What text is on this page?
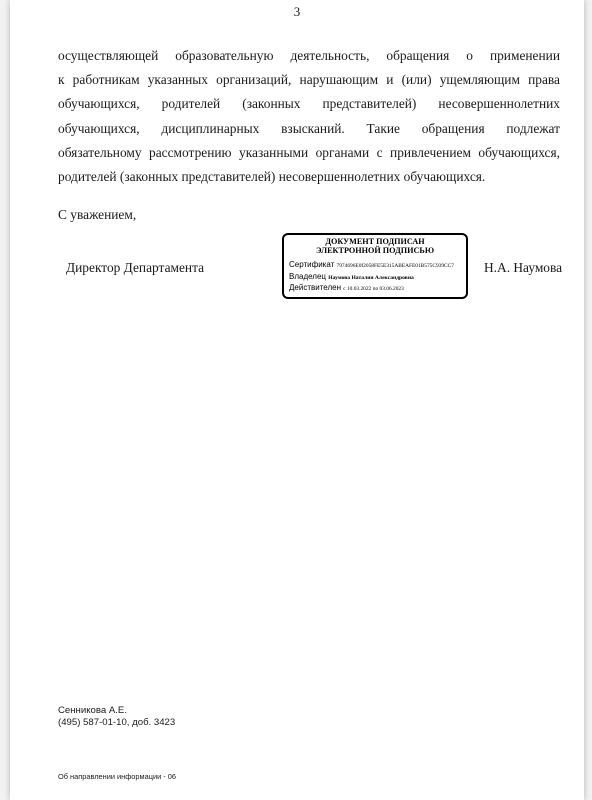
3
осуществляющей образовательную деятельность, обращения о применении
к работникам указанных организаций, нарушающим и (или) ущемляющим права
обучающихся, родителей (законных представителей) несовершеннолетних
обучающихся, дисциплинарных взысканий. Такие обращения подлежат
обязательному рассмотрению указанными органами с привлечением обучающихся,
родителей (законных представителей) несовершеннолетних обучающихся.
С уважением,
Директор Департамента
ДОКУМЕНТ ПОДПИСАН
ЭЛЕКТРОННОЙ ПОДПИСЬЮ
Сертификат 7974696E0f2058FE5E315ABEAFE01B575C939CC7
Владелец Наумова Наталия Александровна
Действителен с 10.03.2022 по 03.06.2023
Н.А. Наумова
Сенникова А.Е.
(495) 587-01-10, доб. 3423
Об направлении информации - 06
